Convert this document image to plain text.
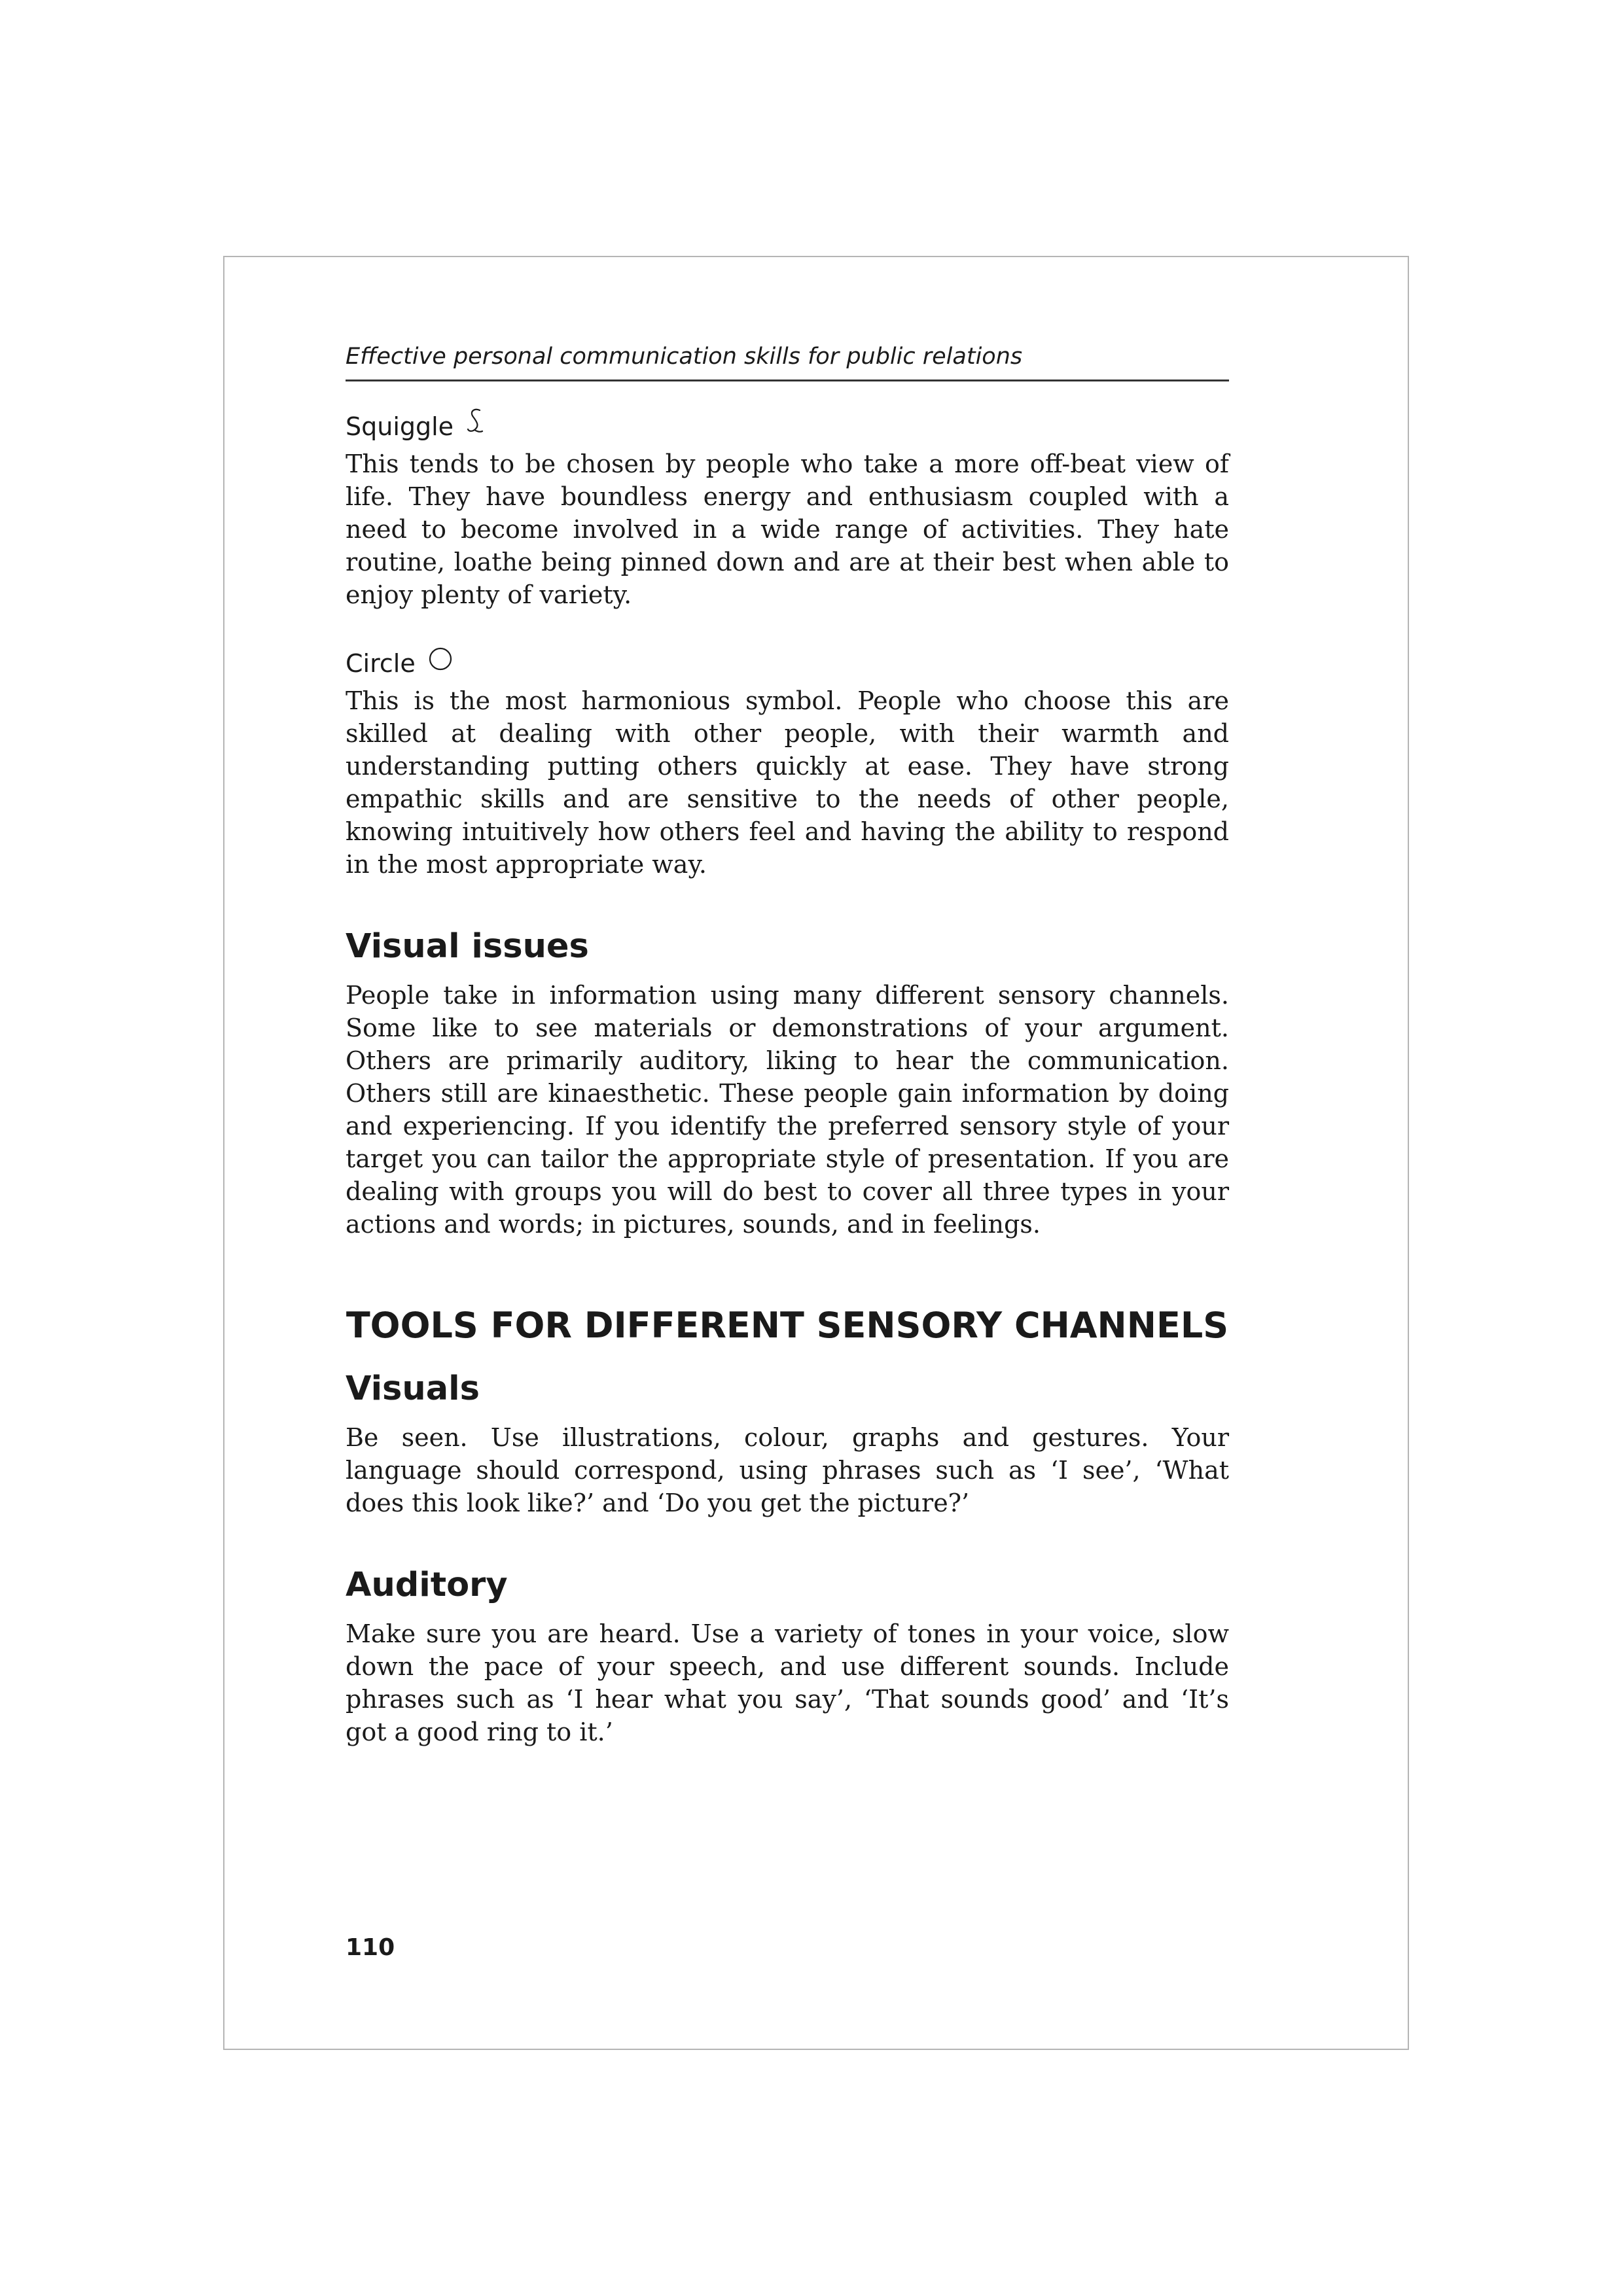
Effective personal communication skills for public relations
Squiggle

This tends to be chosen by people who take a more off-beat view of life. They have boundless energy and enthusiasm coupled with a need to become involved in a wide range of activities. They hate routine, loathe being pinned down and are at their best when able to enjoy plenty of variety.

Circle

This is the most harmonious symbol. People who choose this are skilled at dealing with other people, with their warmth and understanding putting others quickly at ease. They have strong empathic skills and are sensitive to the needs of other people, knowing intuitively how others feel and having the ability to respond in the most appropriate way.

Visual issues

People take in information using many different sensory channels. Some like to see materials or demonstrations of your argument. Others are primarily auditory, liking to hear the communication. Others still are kinaesthetic. These people gain information by doing and experiencing. If you identify the preferred sensory style of your target you can tailor the appropriate style of presentation. If you are dealing with groups you will do best to cover all three types in your actions and words; in pictures, sounds, and in feelings.

TOOLS FOR DIFFERENT SENSORY CHANNELS
Visuals

Be seen. Use illustrations, colour, graphs and gestures. Your language should correspond, using phrases such as ‘I see’, ‘What does this look like?’ and ‘Do you get the picture?’

Auditory

Make sure you are heard. Use a variety of tones in your voice, slow down the pace of your speech, and use different sounds. Include phrases such as ‘I hear what you say’, ‘That sounds good’ and ‘It’s got a good ring to it.’

110
